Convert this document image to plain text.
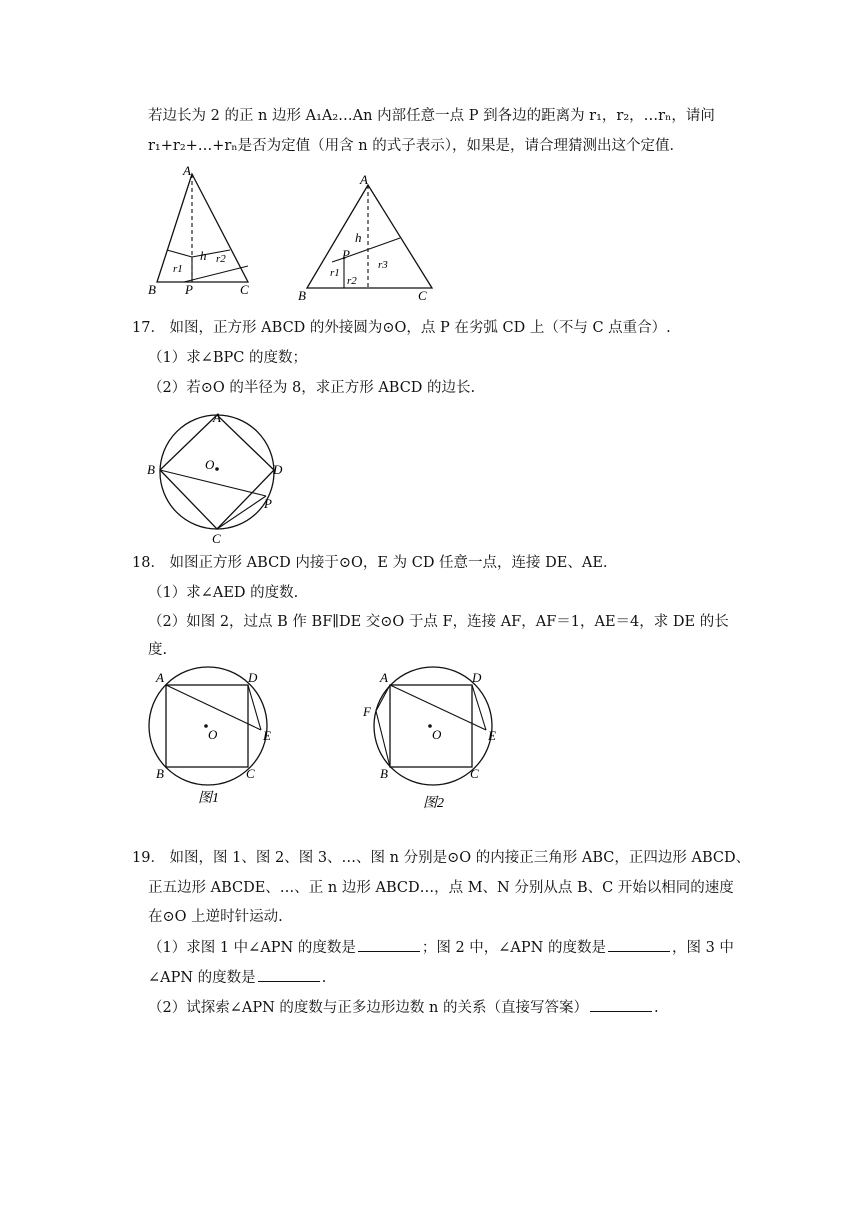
若边长为 2 的正 n 边形 A₁A₂…An 内部任意一点 P 到各边的距离为 r₁，r₂，…rₙ，请问
r₁+r₂+…+rₙ是否为定值（用含 n 的式子表示），如果是，请合理猜测出这个定值．
A
B	C
P
h
r1
r2
A
B	C
P
h
r1
r2
r3
17． 如图，正方形 ABCD 的外接圆为⊙O，点 P 在劣弧 CD 上（不与 C 点重合）.
（1）求∠BPC 的度数；
（2）若⊙O 的半径为 8，求正方形 ABCD 的边长.
A
B
C
D
O
P
18． 如图正方形 ABCD 内接于⊙O，E 为 CD 任意一点，连接 DE、AE.
（1）求∠AED 的度数.
（2）如图 2，过点 B 作 BF∥DE 交⊙O 于点 F，连接 AF，AF＝1，AE＝4，求 DE 的长
度.
A
B	C
D
E
O
图1
A
B	C
D
E
F
O
图2
19． 如图，图 1、图 2、图 3、…、图 n 分别是⊙O 的内接正三角形 ABC，正四边形 ABCD、
正五边形 ABCDE、…、正 n 边形 ABCD…，点 M、N 分别从点 B、C 开始以相同的速度
在⊙O 上逆时针运动.
（1）求图 1 中∠APN 的度数是	；图 2 中，∠APN 的度数是	，图 3 中
∠APN 的度数是	.
（2）试探索∠APN 的度数与正多边形边数 n 的关系（直接写答案）	.
